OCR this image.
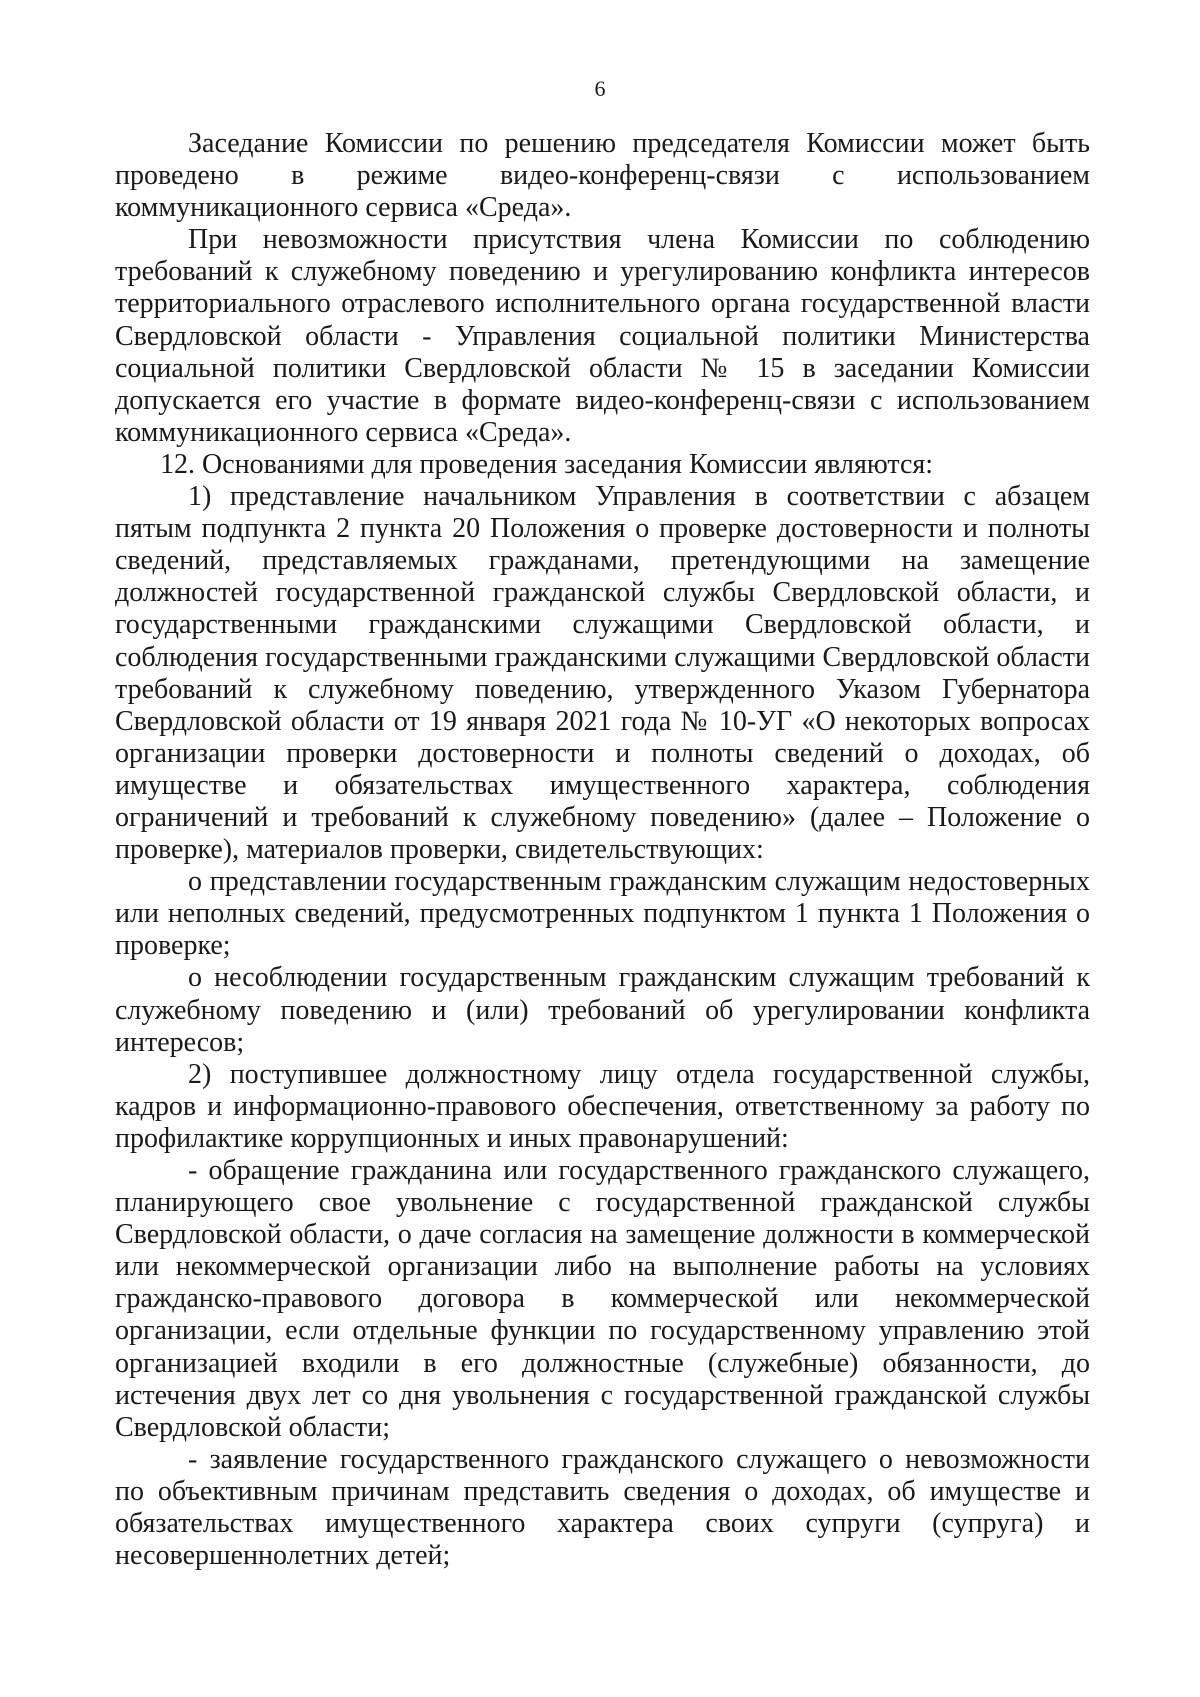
6

Заседание Комиссии по решению председателя Комиссии может быть проведено в режиме видео-конференц-связи с использованием коммуникационного сервиса «Среда».

При невозможности присутствия члена Комиссии по соблюдению требований к служебному поведению и урегулированию конфликта интересов территориального отраслевого исполнительного органа государственной власти Свердловской области - Управления социальной политики Министерства социальной политики Свердловской области № 15 в заседании Комиссии допускается его участие в формате видео-конференц-связи с использованием коммуникационного сервиса «Среда».

12. Основаниями для проведения заседания Комиссии являются:

1) представление начальником Управления в соответствии с абзацем пятым подпункта 2 пункта 20 Положения о проверке достоверности и полноты сведений, представляемых гражданами, претендующими на замещение должностей государственной гражданской службы Свердловской области, и государственными гражданскими служащими Свердловской области, и соблюдения государственными гражданскими служащими Свердловской области требований к служебному поведению, утвержденного Указом Губернатора Свердловской области от 19 января 2021 года № 10-УГ «О некоторых вопросах организации проверки достоверности и полноты сведений о доходах, об имуществе и обязательствах имущественного характера, соблюдения ограничений и требований к служебному поведению» (далее – Положение о проверке), материалов проверки, свидетельствующих:

о представлении государственным гражданским служащим недостоверных или неполных сведений, предусмотренных подпунктом 1 пункта 1 Положения о проверке;

о несоблюдении государственным гражданским служащим требований к служебному поведению и (или) требований об урегулировании конфликта интересов;

2) поступившее должностному лицу отдела государственной службы, кадров и информационно-правового обеспечения, ответственному за работу по профилактике коррупционных и иных правонарушений:

- обращение гражданина или государственного гражданского служащего, планирующего свое увольнение с государственной гражданской службы Свердловской области, о даче согласия на замещение должности в коммерческой или некоммерческой организации либо на выполнение работы на условиях гражданско-правового договора в коммерческой или некоммерческой организации, если отдельные функции по государственному управлению этой организацией входили в его должностные (служебные) обязанности, до истечения двух лет со дня увольнения с государственной гражданской службы Свердловской области;

- заявление государственного гражданского служащего о невозможности по объективным причинам представить сведения о доходах, об имуществе и обязательствах имущественного характера своих супруги (супруга) и несовершеннолетних детей;
